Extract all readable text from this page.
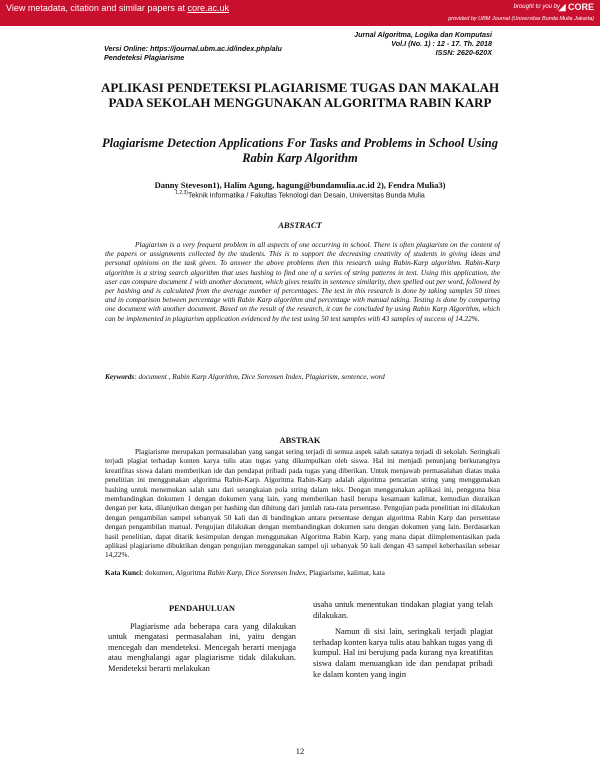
View metadata, citation and similar papers at core.ac.uk	brought to you by
◢ CORE
provided by UBM Journal (Universitas Bunda Mulia Jakarta)
Versi Online: https://journal.ubm.ac.id/index.php/alu
Pendeteksi Plagiarisme
Jurnal Algoritma, Logika dan Komputasi
Vol.I (No. 1) : 12 - 17. Th. 2018
ISSN: 2620-620X
APLIKASI PENDETEKSI PLAGIARISME TUGAS DAN MAKALAH PADA SEKOLAH MENGGUNAKAN ALGORITMA RABIN KARP
Plagiarisme Detection Applications For Tasks and Problems in School Using Rabin Karp Algorithm
Danny Steveson1), Halim Agung, hagung@bundamulia.ac.id 2), Fendra Mulia3)
$^{1,2,3)}$Teknik Informatika / Fakultas Teknologi dan Desain, Universitas Bunda Mulia
ABSTRACT
Plagiarism is a very frequent problem in all aspects of one occurring in school. There is often plagiarism on the content of the papers or assignments collected by the students. This is to support the decreasing creativity of students in giving ideas and personal opinions on the task given. To answer the above problems then this research using Rabin-Karp algorithm. Rabin-Karp algorithm is a string search algorithm that uses hashing to find one of a series of string patterns in text. Using this application, the user can compare document 1 with another document, which gives results in sentence similarity, then spelled out per word, followed by per hashing and is calculated from the average number of percentages. The test in this research is done by taking samples 50 times and in comparison between percentage with Rabin Karp algorithm and percentage with manual taking. Testing is done by comparing one document with another document. Based on the result of the research, it can be concluded by using Rabin Karp Algorithm, which can be implemented in plagiarism application evidenced by the test using 50 test samples with 43 samples of success of 14.22%.
Keywords: document , Rabin Karp Algorithm, Dice Sorensen Index, Plagiarism, sentence, word
ABSTRAK
Plagiarisme merupakan permasalahan yang sangat sering terjadi di semua aspek salah satanya terjadi di sekolah. Seringkali terjadi plagiat terhadap konten karya tulis atau tugas yang dikumpulkan oleh siswa. Hal ini menjadi penunjang berkurangnya kreatifitas siswa dalam memberikan ide dan pendapat pribadi pada tugas yang diberikan. Untuk menjawab permasalahan diatas maka penelitian ini menggunakan algoritma Rabin-Karp. Algoritma Rabin-Karp adalah algoritma pencarian string yang menggunakan hashing untuk menemukan salah satu dari serangkaian pola string dalam teks. Dengan menggunakan aplikasi ini, pengguna bisa membandingkan dokumen 1 dengan dokumen yang lain, yang memberikan hasil berupa kesamaan kalimat, kemudian diuraikan dengan per kata, dilanjutkan dengan per hashing dan dihitung dari jumlah rata-rata persentase. Pengujian pada penelitian ini dilakukan dengan pengambilan sampel sebanyak 50 kali dan di bandingkan antara persentase dengan algoritma Rabin Karp dan persentase dengan pengambilan manual. Pengujian dilakukan dengan membandingkan dokumen satu dengan dokumen yang lain. Berdasarkan hasil penelitian, dapat ditarik kesimpulan dengan menggunakan Algoritma Rabin Karp, yang mana dapat diimplementasikan pada aplikasi plagiarisme dibuktikan dengan pengujian menggunakan sampel uji sebanyak 50 kali dengan 43 sampel keberhasilan sebesar 14,22%.
Kata Kunci: dokumen, Algoritma Rabin Karp, Dice Sorensen Index, Plagiarisme, kalimat, kata
PENDAHULUAN

Plagiarisme ada beberapa cara yang dilakukan untuk mengatasi permasalahan ini, yaitu dengan mencegah dan mendeteksi. Mencegah berarti menjaga atau menghalangi agar plagiarisme tidak dilakukan. Mendeteksi berarti melakukan

usaha untuk menentukan tindakan plagiat yang telah dilakukan.

Namun di sisi lain, seringkali terjadi plagiat terhadap konten karya tulis atau bahkan tugas yang di kumpul. Hal ini berujung pada kurang nya kreatifitas siswa dalam menuangkan ide dan pendapat pribadi ke dalam konten yang ingin

12
